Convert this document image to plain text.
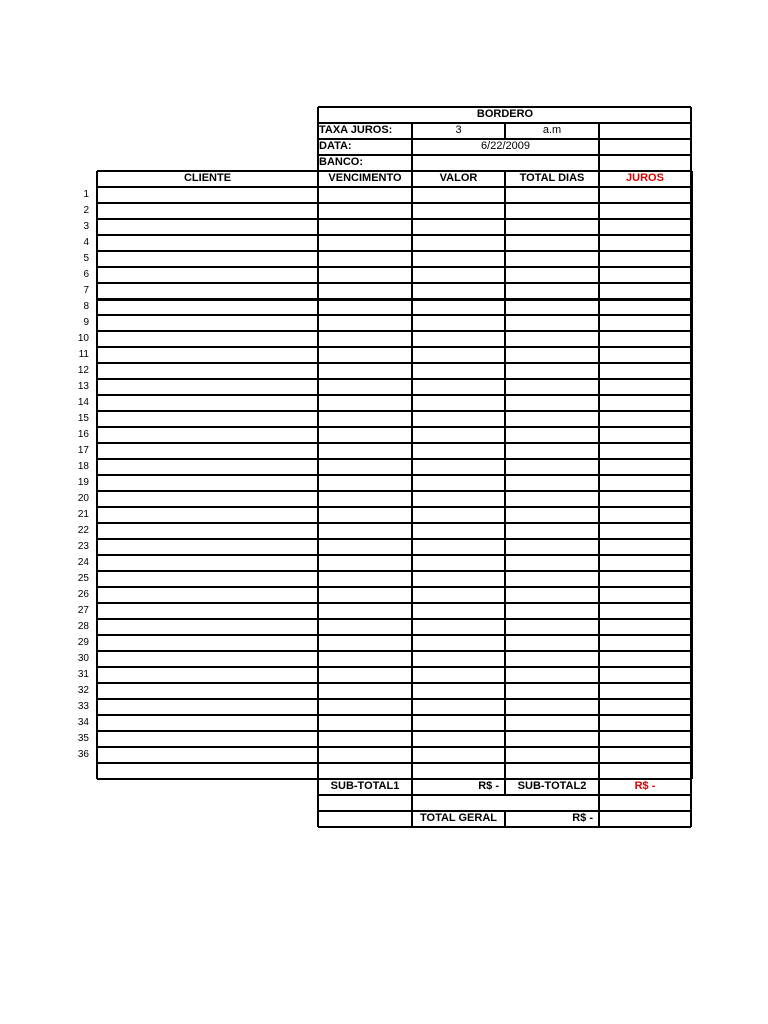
BORDERO
TAXA JUROS:	3	a.m
DATA:	6/22/2009
BANCO:
CLIENTE	VENCIMENTO	VALOR	TOTAL DIAS	JUROS
1
2
3
4
5
6
7
8
9
10
11
12
13
14
15
16
17
18
19
20
21
22
23
24
25
26
27
28
29
30
31
32
33
34
35
36
SUB-TOTAL1	R$ -	SUB-TOTAL2	R$ -
TOTAL GERAL	R$ -
